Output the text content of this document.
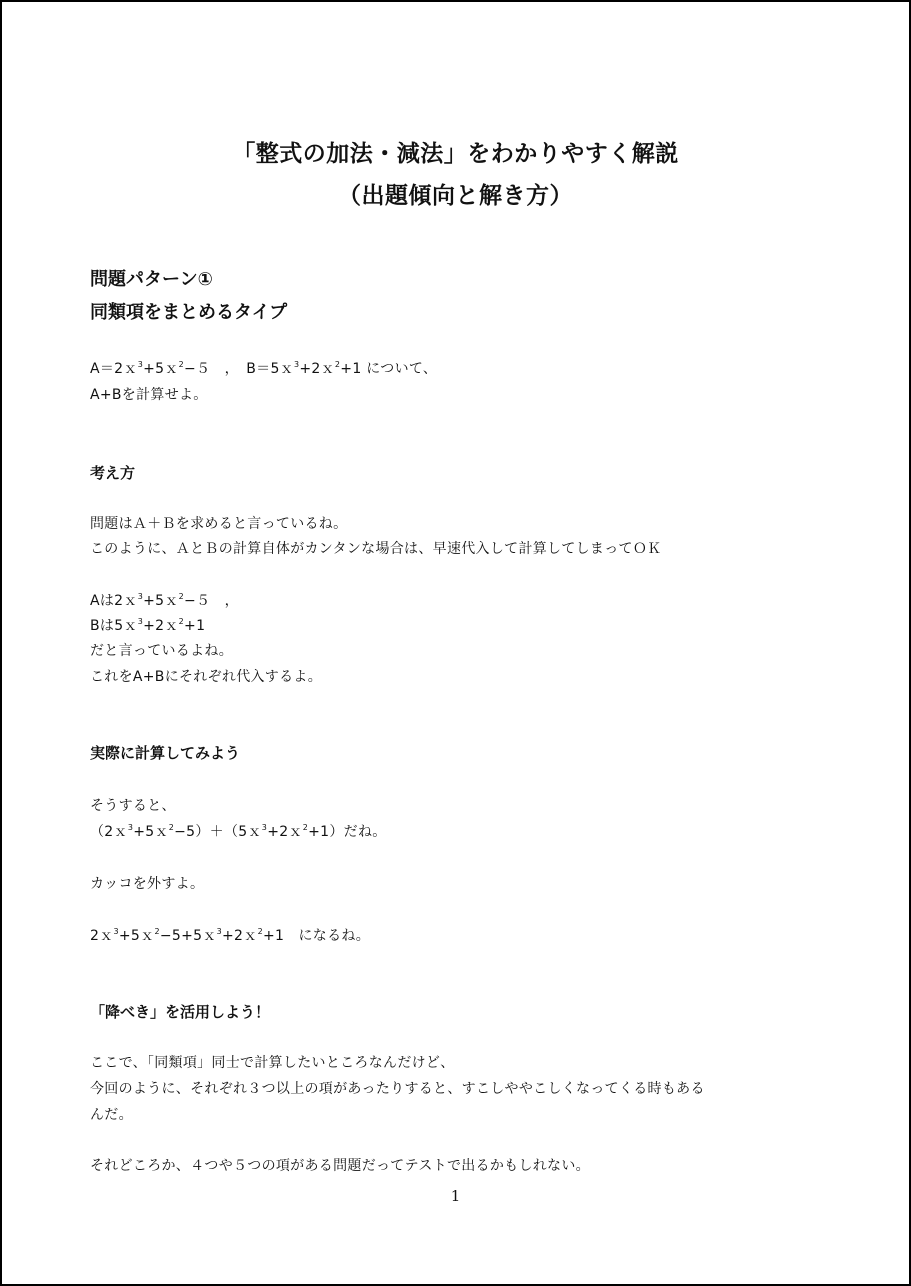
「整式の加法・減法」をわかりやすく解説
（出題傾向と解き方）
問題パターン①
同類項をまとめるタイプ
A＝2ｘ$^3$+5ｘ$^2$−５　，　B＝5ｘ$^3$+2ｘ$^2$+1 について、
A+Bを計算せよ。
考え方
問題はＡ＋Ｂを求めると言っているね。
このように、ＡとＢの計算自体がカンタンな場合は、早速代入して計算してしまってＯＫ
Aは2ｘ$^3$+5ｘ$^2$−５　，
Bは5ｘ$^3$+2ｘ$^2$+1
だと言っているよね。
これをA+Bにそれぞれ代入するよ。
実際に計算してみよう
そうすると、
（2ｘ$^3$+5ｘ$^2$−5）＋（5ｘ$^3$+2ｘ$^2$+1）だね。
カッコを外すよ。
2ｘ$^3$+5ｘ$^2$−5+5ｘ$^3$+2ｘ$^2$+1　になるね。
「降べき」を活用しよう！
ここで、「同類項」同士で計算したいところなんだけど、
今回のように、それぞれ３つ以上の項があったりすると、すこしややこしくなってくる時もある
んだ。
それどころか、４つや５つの項がある問題だってテストで出るかもしれない。
1
